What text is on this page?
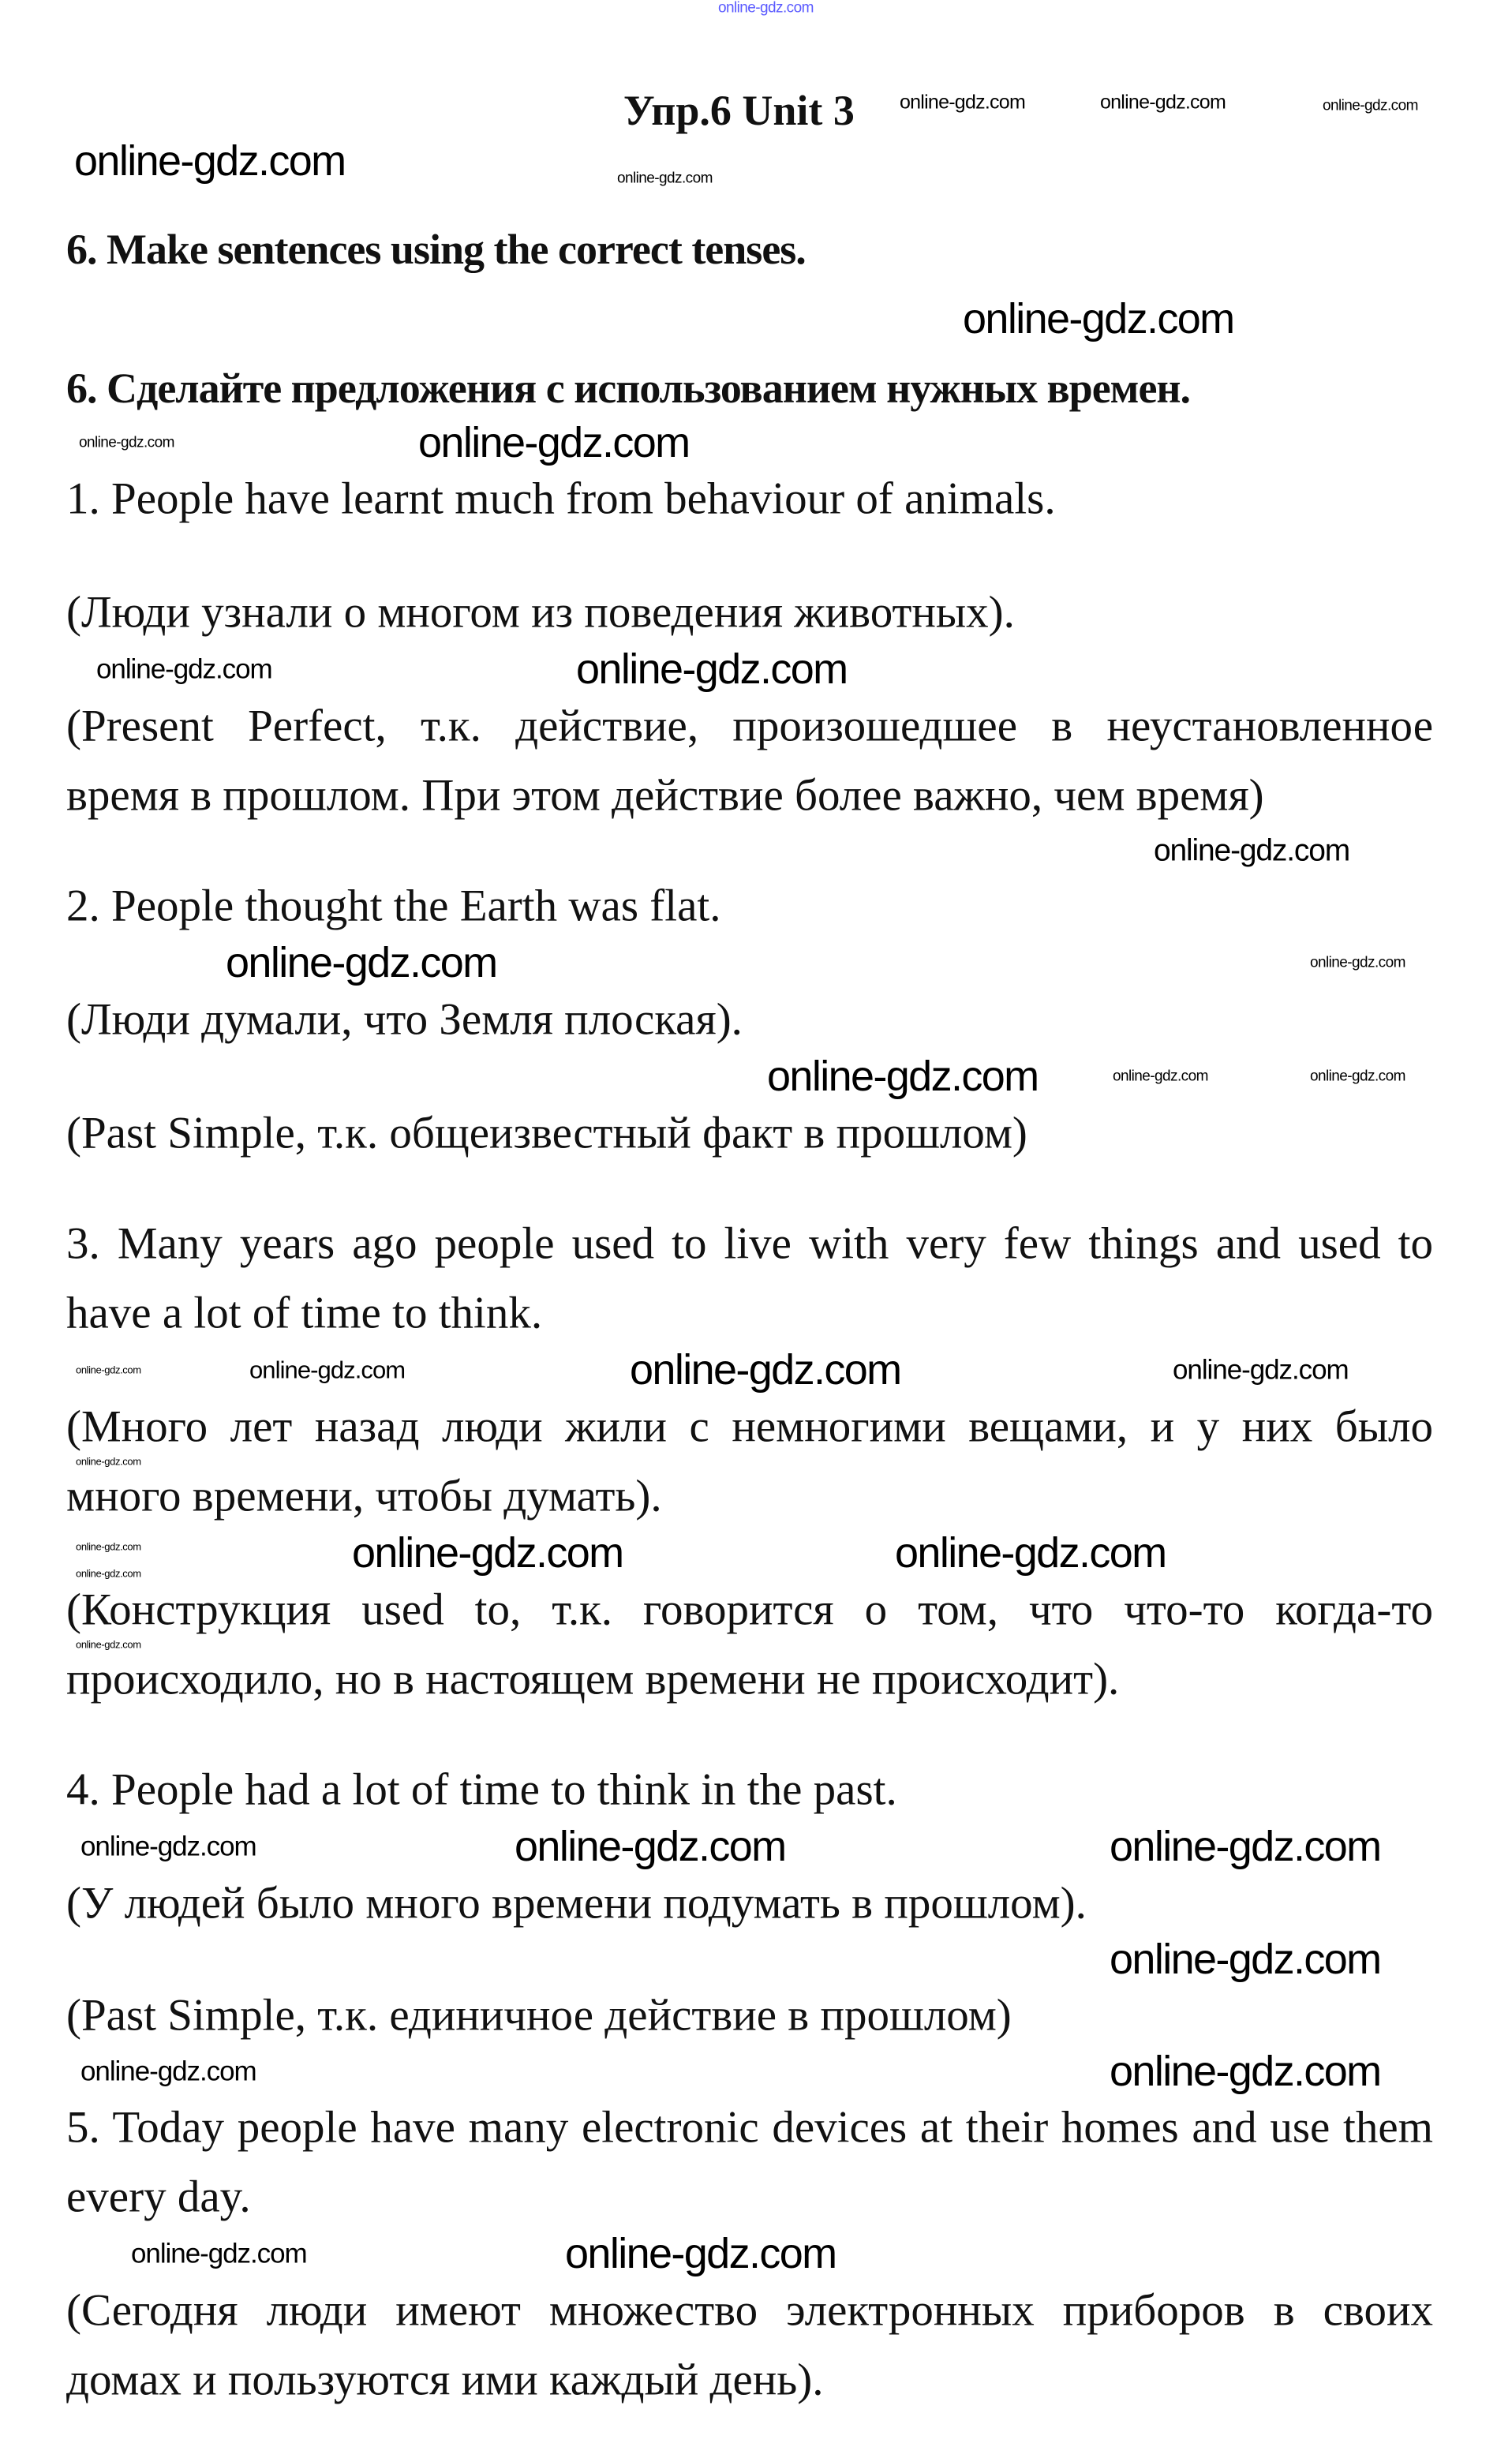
Упр.6 Unit 3
6. Make sentences using the correct tenses.
6. Сделайте предложения с использованием нужных времен.
1. People have learnt much from behaviour of animals.
(Люди узнали о многом из поведения животных).
(Present Perfect, т.к. действие, произошедшее в неустановленное
время в прошлом. При этом действие более важно, чем время)
2. People thought the Earth was flat.
(Люди думали, что Земля плоская).
(Past Simple, т.к. общеизвестный факт в прошлом)
3. Many years ago people used to live with very few things and used to
have a lot of time to think.
(Много лет назад люди жили с немногими вещами, и у них было
много времени, чтобы думать).
(Конструкция used to, т.к. говорится о том, что что-то когда-то
происходило, но в настоящем времени не происходит).
4. People had a lot of time to think in the past.
(У людей было много времени подумать в прошлом).
(Past Simple, т.к. единичное действие в прошлом)
5. Today people have many electronic devices at their homes and use them
every day.
(Сегодня люди имеют множество электронных приборов в своих
домах и пользуются ими каждый день).
online-gdz.com
online-gdz.com	online-gdz.com	online-gdz.com
online-gdz.com	online-gdz.com
online-gdz.com
online-gdz.com
online-gdz.com
online-gdz.com	online-gdz.com
online-gdz.com
online-gdz.com
online-gdz.com
online-gdz.com	online-gdz.com
online-gdz.com
online-gdz.com	online-gdz.com	online-gdz.com
online-gdz.com
online-gdz.com
online-gdz.com	online-gdz.com	online-gdz.com
online-gdz.com
online-gdz.com
online-gdz.com	online-gdz.com	online-gdz.com
online-gdz.com	online-gdz.com
online-gdz.com
online-gdz.com
online-gdz.com
